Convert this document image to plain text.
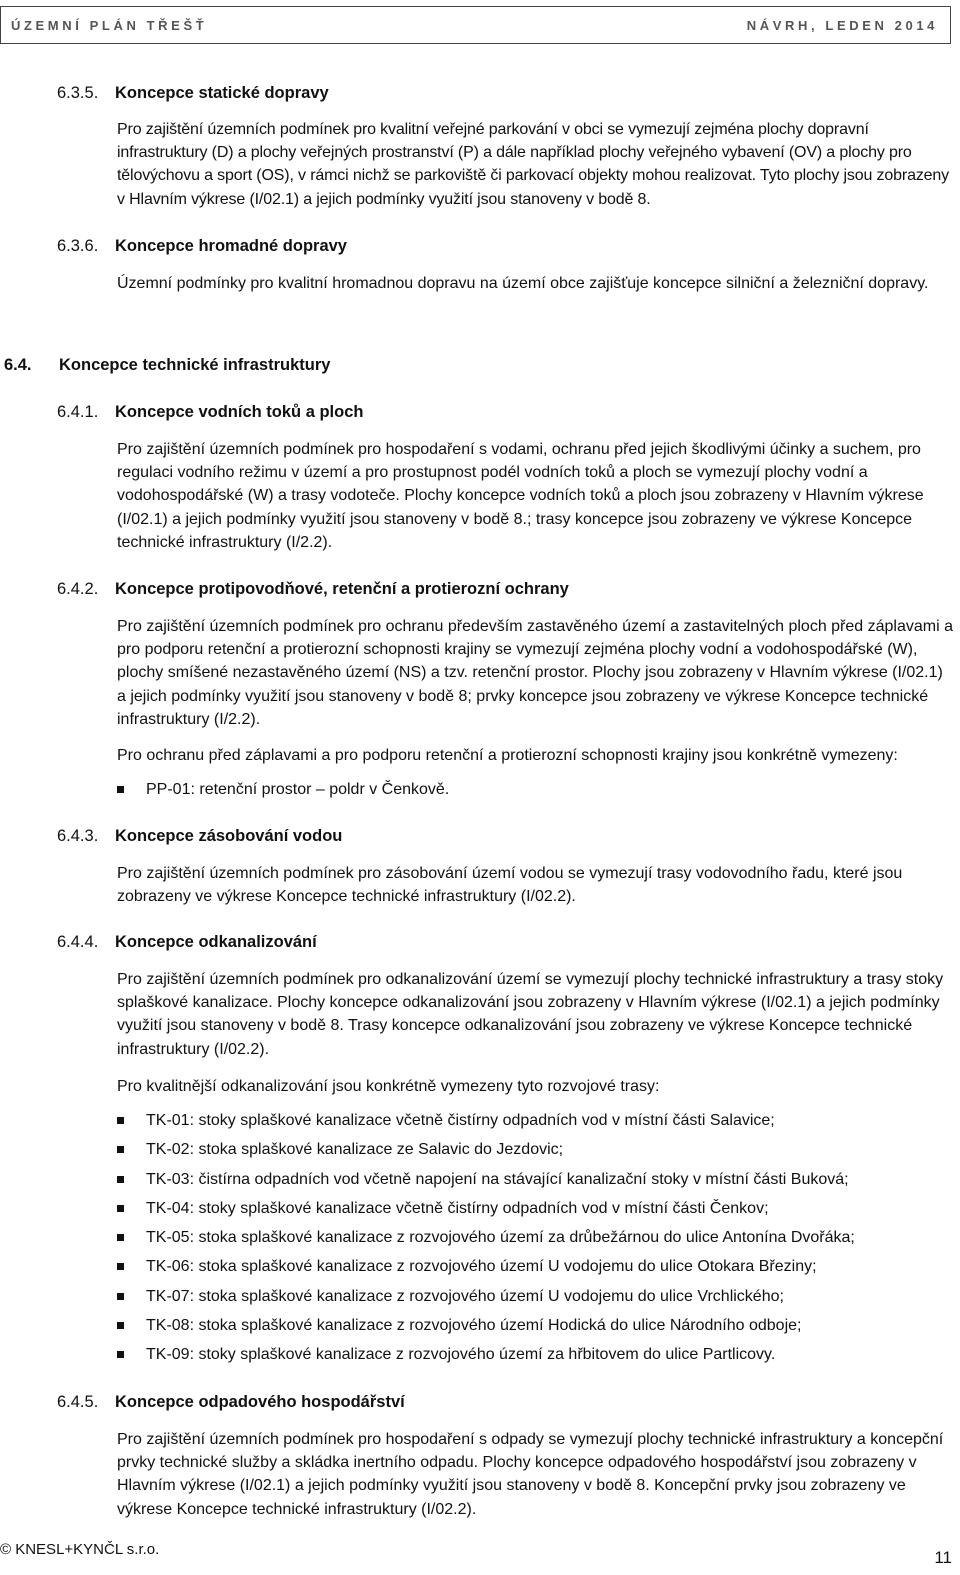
ÚZEMNÍ PLÁN TŘEŠŤ	NÁVRH, LEDEN 2014
6.3.5.	Koncepce statické dopravy
Pro zajištění územních podmínek pro kvalitní veřejné parkování v obci se vymezují zejména plochy dopravní infrastruktury (D) a plochy veřejných prostranství (P) a dále například plochy veřejného vybavení (OV) a plochy pro tělovýchovu a sport (OS), v rámci nichž se parkoviště či parkovací objekty mohou realizovat. Tyto plochy jsou zobrazeny v Hlavním výkrese (I/02.1) a jejich podmínky využití jsou stanoveny v bodě 8.
6.3.6.	Koncepce hromadné dopravy
Územní podmínky pro kvalitní hromadnou dopravu na území obce zajišťuje koncepce silniční a železniční dopravy.
6.4.	Koncepce technické infrastruktury
6.4.1.	Koncepce vodních toků a ploch
Pro zajištění územních podmínek pro hospodaření s vodami, ochranu před jejich škodlivými účinky a suchem, pro regulaci vodního režimu v území a pro prostupnost podél vodních toků a ploch se vymezují plochy vodní a vodohospodářské (W) a trasy vodoteče. Plochy koncepce vodních toků a ploch jsou zobrazeny v Hlavním výkrese (I/02.1) a jejich podmínky využití jsou stanoveny v bodě 8.; trasy koncepce jsou zobrazeny ve výkrese Koncepce technické infrastruktury (I/2.2).
6.4.2.	Koncepce protipovodňové, retenční a protierozní ochrany
Pro zajištění územních podmínek pro ochranu především zastavěného území a zastavitelných ploch před záplavami a pro podporu retenční a protierozní schopnosti krajiny se vymezují zejména plochy vodní a vodohospodářské (W), plochy smíšené nezastavěného území (NS) a tzv. retenční prostor. Plochy jsou zobrazeny v Hlavním výkrese (I/02.1) a jejich podmínky využití jsou stanoveny v bodě 8; prvky koncepce jsou zobrazeny ve výkrese Koncepce technické infrastruktury (I/2.2).
Pro ochranu před záplavami a pro podporu retenční a protierozní schopnosti krajiny jsou konkrétně vymezeny:
PP-01: retenční prostor – poldr v Čenkově.
6.4.3.	Koncepce zásobování vodou
Pro zajištění územních podmínek pro zásobování území vodou se vymezují trasy vodovodního řadu, které jsou zobrazeny ve výkrese Koncepce technické infrastruktury (I/02.2).
6.4.4.	Koncepce odkanalizování
Pro zajištění územních podmínek pro odkanalizování území se vymezují plochy technické infrastruktury a trasy stoky splaškové kanalizace. Plochy koncepce odkanalizování jsou zobrazeny v Hlavním výkrese (I/02.1) a jejich podmínky využití jsou stanoveny v bodě 8. Trasy koncepce odkanalizování jsou zobrazeny ve výkrese Koncepce technické infrastruktury (I/02.2).
Pro kvalitnější odkanalizování jsou konkrétně vymezeny tyto rozvojové trasy:
TK-01: stoky splaškové kanalizace včetně čistírny odpadních vod v místní části Salavice;
TK-02: stoka splaškové kanalizace ze Salavic do Jezdovic;
TK-03: čistírna odpadních vod včetně napojení na stávající kanalizační stoky v místní části Buková;
TK-04: stoky splaškové kanalizace včetně čistírny odpadních vod v místní části Čenkov;
TK-05: stoka splaškové kanalizace z rozvojového území za drůbežárnou do ulice Antonína Dvořáka;
TK-06: stoka splaškové kanalizace z rozvojového území U vodojemu do ulice Otokara Březiny;
TK-07: stoka splaškové kanalizace z rozvojového území U vodojemu do ulice Vrchlického;
TK-08: stoka splaškové kanalizace z rozvojového území Hodická do ulice Národního odboje;
TK-09: stoky splaškové kanalizace z rozvojového území za hřbitovem do ulice Partlicovy.
6.4.5.	Koncepce odpadového hospodářství
Pro zajištění územních podmínek pro hospodaření s odpady se vymezují plochy technické infrastruktury a koncepční prvky technické služby a skládka inertního odpadu. Plochy koncepce odpadového hospodářství jsou zobrazeny v Hlavním výkrese (I/02.1) a jejich podmínky využití jsou stanoveny v bodě 8. Koncepční prvky jsou zobrazeny ve výkrese Koncepce technické infrastruktury (I/02.2).
© KNESL+KYNČL s.r.o.	11
